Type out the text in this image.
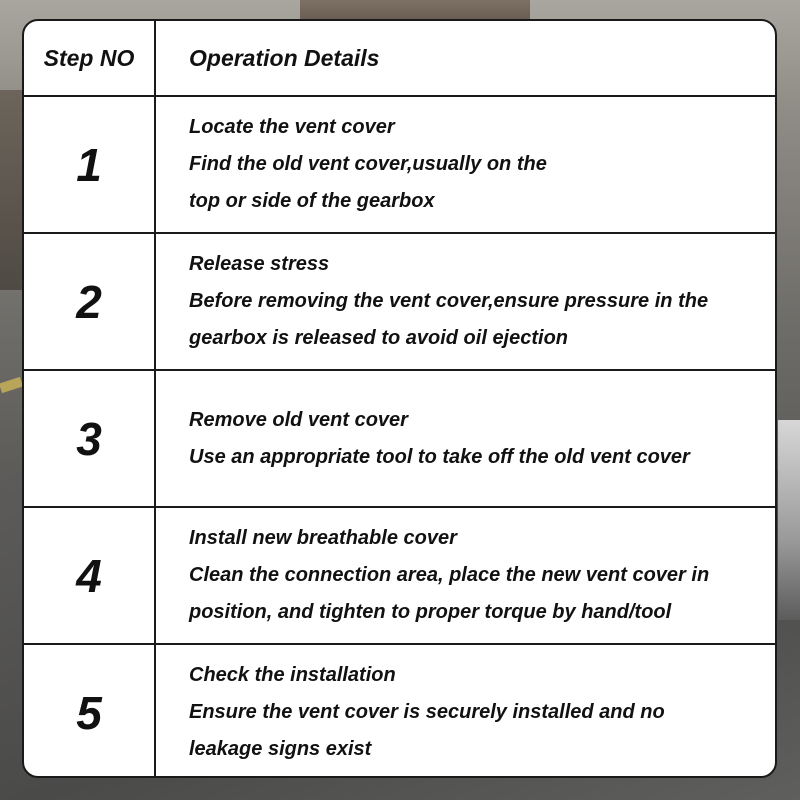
Step NO	Operation Details
1
Locate the vent cover
Find the old vent cover,usually on the
top or side of the gearbox
2
Release stress
Before removing the vent cover,ensure pressure in the
gearbox is released to avoid oil ejection
3	Remove old vent cover
Use an appropriate tool to take off the old vent cover
4
Install new breathable cover
Clean the connection area, place the new vent cover in
position, and tighten to proper torque by hand/tool
5
Check the installation
Ensure the vent cover is securely installed and no
leakage signs exist
